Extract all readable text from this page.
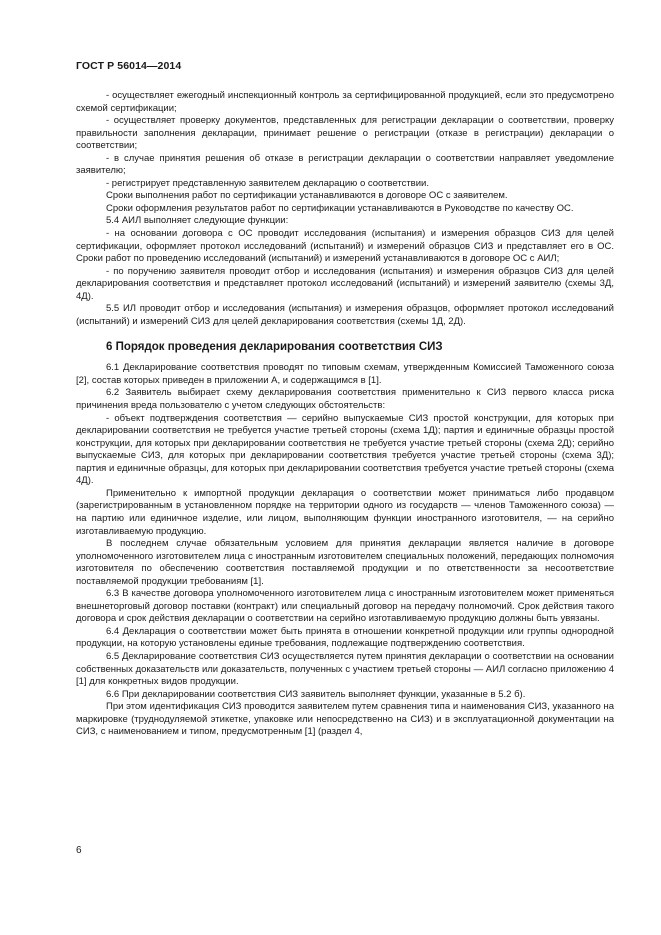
ГОСТ Р 56014—2014

- осуществляет ежегодный инспекционный контроль за сертифицированной продукцией, если это предусмотрено схемой сертификации;

- осуществляет проверку документов, представленных для регистрации декларации о соответствии, проверку правильности заполнения декларации, принимает решение о регистрации (отказе в регистрации) декларации о соответствии;

- в случае принятия решения об отказе в регистрации декларации о соответствии направляет уведомление заявителю;

- регистрирует представленную заявителем декларацию о соответствии.

Сроки выполнения работ по сертификации устанавливаются в договоре ОС с заявителем.

Сроки оформления результатов работ по сертификации устанавливаются в Руководстве по качеству ОС.

5.4 АИЛ выполняет следующие функции:

- на основании договора с ОС проводит исследования (испытания) и измерения образцов СИЗ для целей сертификации, оформляет протокол исследований (испытаний) и измерений образцов СИЗ и представляет его в ОС. Сроки работ по проведению исследований (испытаний) и измерений устанавливаются в договоре ОС с АИЛ;

- по поручению заявителя проводит отбор и исследования (испытания) и измерения образцов СИЗ для целей декларирования соответствия и представляет протокол исследований (испытаний) и измерений заявителю (схемы 3Д, 4Д).

5.5 ИЛ проводит отбор и исследования (испытания) и измерения образцов, оформляет протокол исследований (испытаний) и измерений СИЗ для целей декларирования соответствия (схемы 1Д, 2Д).

6 Порядок проведения декларирования соответствия СИЗ

6.1 Декларирование соответствия проводят по типовым схемам, утвержденным Комиссией Таможенного союза [2], состав которых приведен в приложении А, и содержащимся в [1].

6.2 Заявитель выбирает схему декларирования соответствия применительно к СИЗ первого класса риска причинения вреда пользователю с учетом следующих обстоятельств:

- объект подтверждения соответствия — серийно выпускаемые СИЗ простой конструкции, для которых при декларировании соответствия не требуется участие третьей стороны (схема 1Д); партия и единичные образцы простой конструкции, для которых при декларировании соответствия не требуется участие третьей стороны (схема 2Д); серийно выпускаемые СИЗ, для которых при декларировании соответствия требуется участие третьей стороны (схема 3Д); партия и единичные образцы, для которых при декларировании соответствия требуется участие третьей стороны (схема 4Д).

Применительно к импортной продукции декларация о соответствии может приниматься либо продавцом (зарегистрированным в установленном порядке на территории одного из государств — членов Таможенного союза) — на партию или единичное изделие, или лицом, выполняющим функции иностранного изготовителя, — на серийно изготавливаемую продукцию.

В последнем случае обязательным условием для принятия декларации является наличие в договоре уполномоченного изготовителем лица с иностранным изготовителем специальных положений, передающих полномочия изготовителя по обеспечению соответствия поставляемой продукции и по ответственности за несоответствие поставляемой продукции требованиям [1].

6.3 В качестве договора уполномоченного изготовителем лица с иностранным изготовителем может применяться внешнеторговый договор поставки (контракт) или специальный договор на передачу полномочий. Срок действия такого договора и срок действия декларации о соответствии на серийно изготавливаемую продукцию должны быть увязаны.

6.4 Декларация о соответствии может быть принята в отношении конкретной продукции или группы однородной продукции, на которую установлены единые требования, подлежащие подтверждению соответствия.

6.5 Декларирование соответствия СИЗ осуществляется путем принятия декларации о соответствии на основании собственных доказательств или доказательств, полученных с участием третьей стороны — АИЛ согласно приложению 4 [1] для конкретных видов продукции.

6.6 При декларировании соответствия СИЗ заявитель выполняет функции, указанные в 5.2 б).

При этом идентификация СИЗ проводится заявителем путем сравнения типа и наименования СИЗ, указанного на маркировке (труднодуляемой этикетке, упаковке или непосредственно на СИЗ) и в эксплуатационной документации на СИЗ, с наименованием и типом, предусмотренным [1] (раздел 4,

6
